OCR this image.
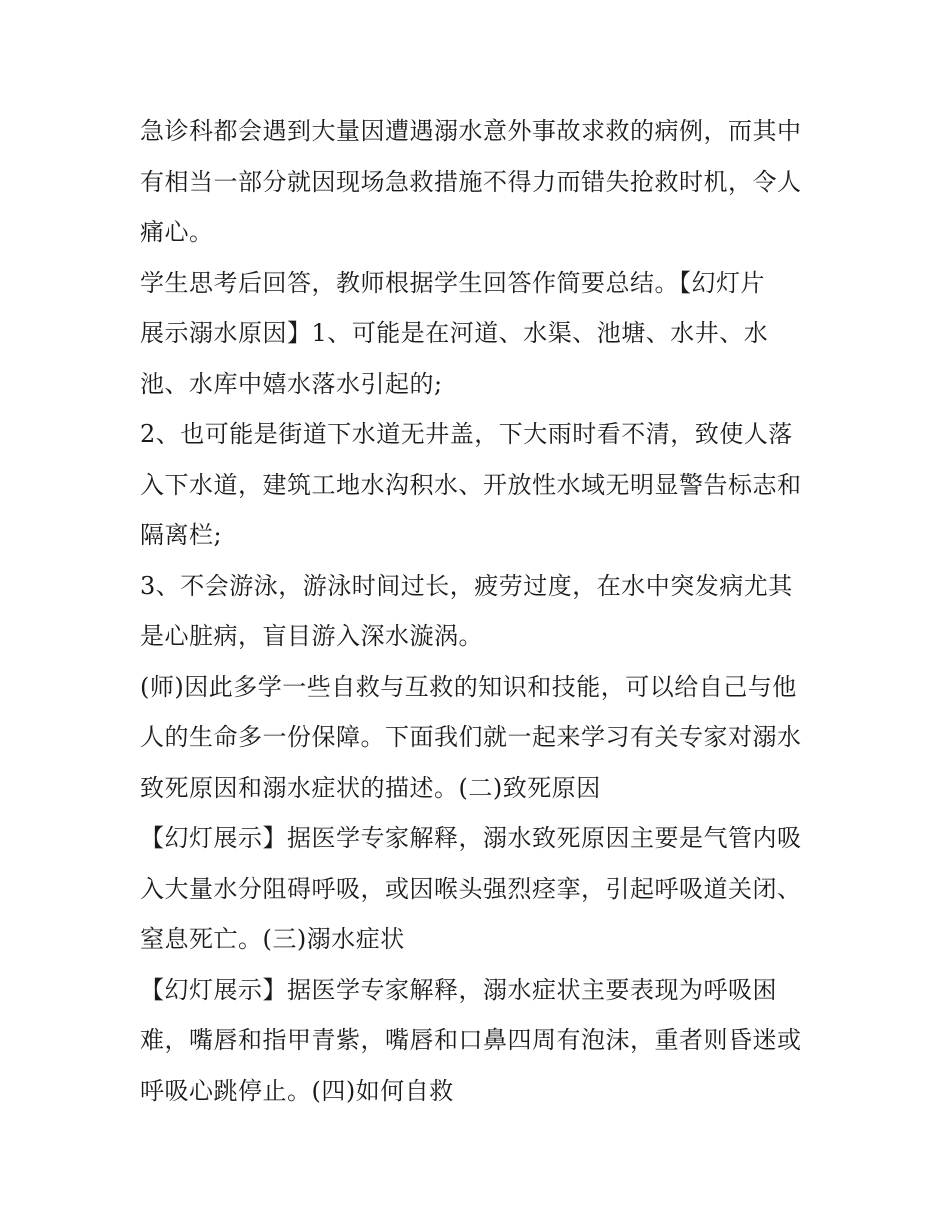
急诊科都会遇到大量因遭遇溺水意外事故求救的病例，而其中
有相当一部分就因现场急救措施不得力而错失抢救时机，令人
痛心。
学生思考后回答，教师根据学生回答作简要总结。【幻灯片
展示溺水原因】1、可能是在河道、水渠、池塘、水井、水
池、水库中嬉水落水引起的;
2、也可能是街道下水道无井盖，下大雨时看不清，致使人落
入下水道，建筑工地水沟积水、开放性水域无明显警告标志和
隔离栏;
3、不会游泳，游泳时间过长，疲劳过度，在水中突发病尤其
是心脏病，盲目游入深水漩涡。
(师)因此多学一些自救与互救的知识和技能，可以给自己与他
人的生命多一份保障。下面我们就一起来学习有关专家对溺水
致死原因和溺水症状的描述。(二)致死原因
【幻灯展示】据医学专家解释，溺水致死原因主要是气管内吸
入大量水分阻碍呼吸，或因喉头强烈痉挛，引起呼吸道关闭、
窒息死亡。(三)溺水症状
【幻灯展示】据医学专家解释，溺水症状主要表现为呼吸困
难，嘴唇和指甲青紫，嘴唇和口鼻四周有泡沫，重者则昏迷或
呼吸心跳停止。(四)如何自救
